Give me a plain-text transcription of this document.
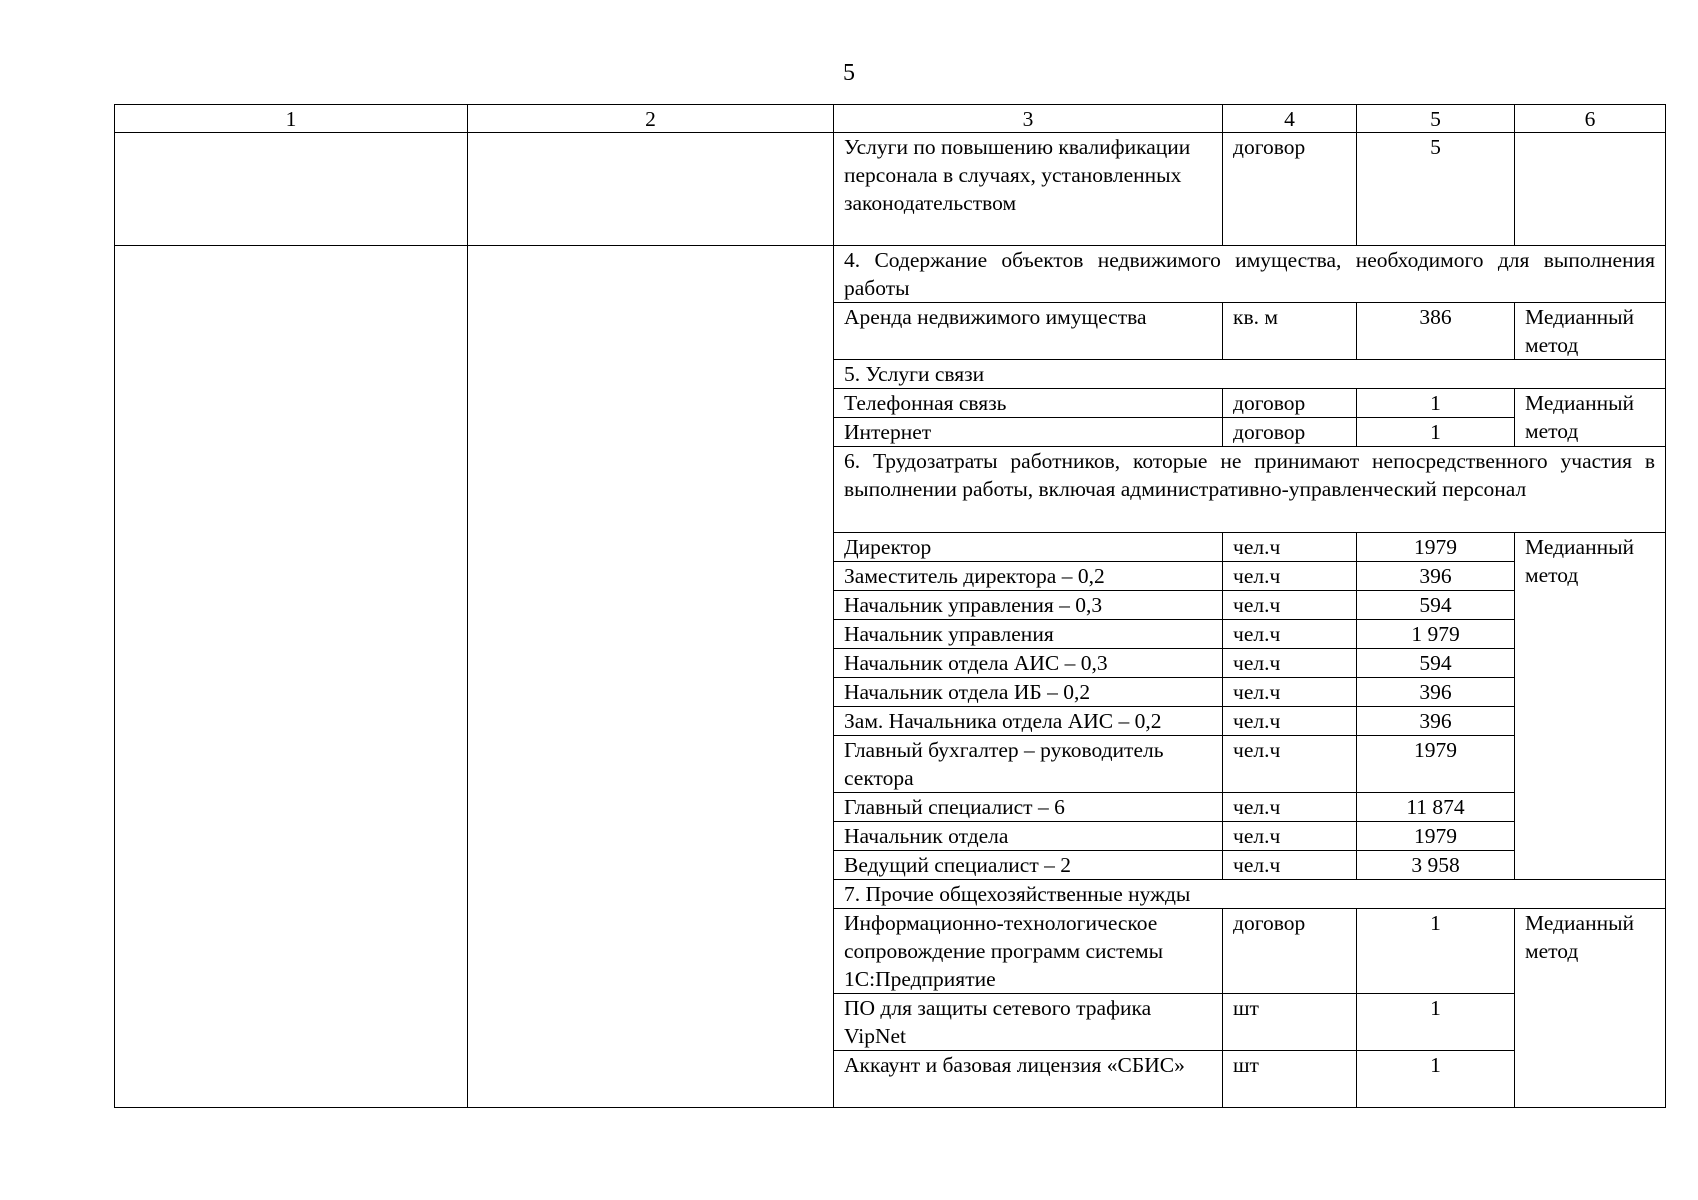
5
1	2	3	4	5	6
		Услуги по повышению квалификации персонала в случаях, установленных законодательством	договор	5	
		4. Содержание объектов недвижимого имущества, необходимого для выполнения работы			
		Аренда недвижимого имущества	кв. м	386	Медианный метод
		5. Услуги связи			
		Телефонная связь	договор	1	Медианный метод
		Интернет	договор	1	
		6. Трудозатраты работников, которые не принимают непосредственного участия в выполнении работы, включая административно-управленческий персонал			
		Директор	чел.ч	1979	Медианный метод
		Заместитель директора – 0,2	чел.ч	396	
		Начальник управления – 0,3	чел.ч	594	
		Начальник управления	чел.ч	1 979	
		Начальник отдела АИС – 0,3	чел.ч	594	
		Начальник отдела ИБ – 0,2	чел.ч	396	
		Зам. Начальника отдела АИС – 0,2	чел.ч	396	
		Главный бухгалтер – руководитель сектора	чел.ч	1979	
		Главный специалист – 6	чел.ч	11 874	
		Начальник отдела	чел.ч	1979	
		Ведущий специалист – 2	чел.ч	3 958	
		7. Прочие общехозяйственные нужды			
		Информационно-технологическое сопровождение программ системы 1С:Предприятие	договор	1	Медианный метод
		ПО для защиты сетевого трафика VipNet	шт	1	
		Аккаунт и базовая лицензия «СБИС»	шт	1	
